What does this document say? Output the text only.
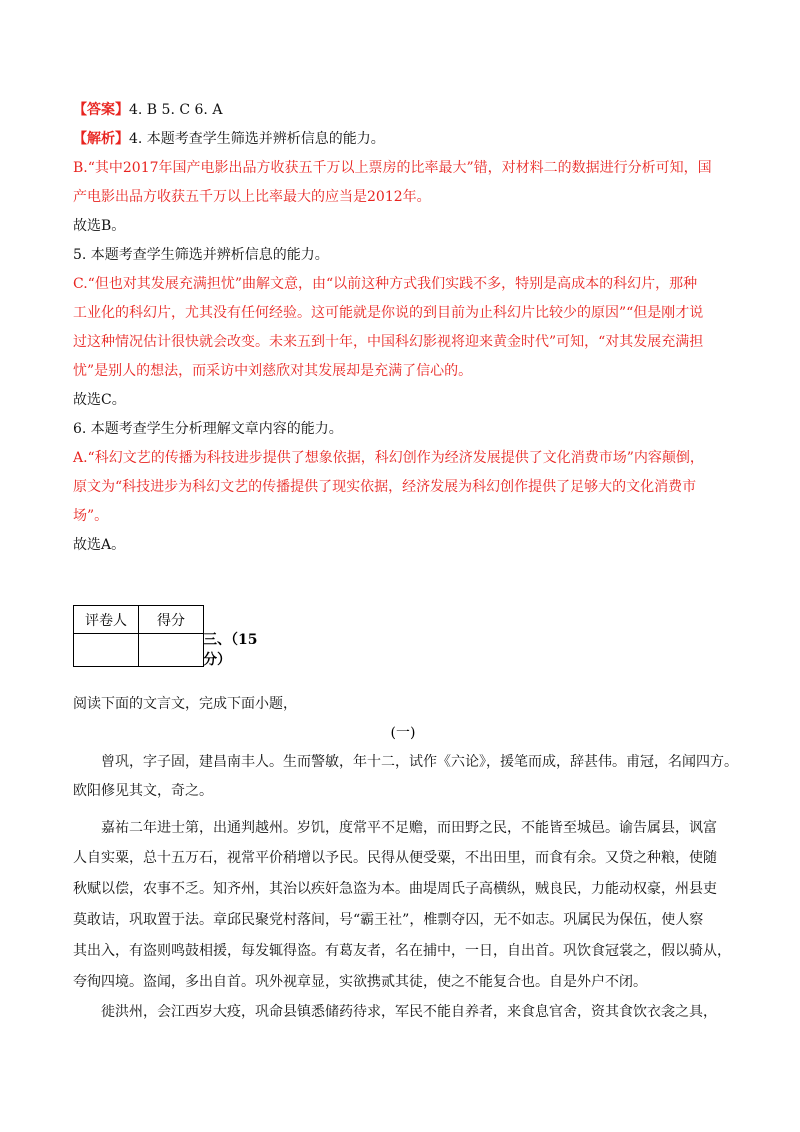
【答案】4. B 5. C 6. A
【解析】4. 本题考查学生筛选并辨析信息的能力。
B.“其中2017年国产电影出品方收获五千万以上票房的比率最大”错，对材料二的数据进行分析可知，国
产电影出品方收获五千万以上比率最大的应当是2012年。
故选B。
5. 本题考查学生筛选并辨析信息的能力。
C.“但也对其发展充满担忧”曲解文意，由“以前这种方式我们实践不多，特别是高成本的科幻片，那种
工业化的科幻片，尤其没有任何经验。这可能就是你说的到目前为止科幻片比较少的原因”“但是刚才说
过这种情况估计很快就会改变。未来五到十年，中国科幻影视将迎来黄金时代”可知，“对其发展充满担
忧”是别人的想法，而采访中刘慈欣对其发展却是充满了信心的。
故选C。
6. 本题考查学生分析理解文章内容的能力。
A.“科幻文艺的传播为科技进步提供了想象依据，科幻创作为经济发展提供了文化消费市场”内容颠倒，
原文为“科技进步为科幻文艺的传播提供了现实依据，经济发展为科幻创作提供了足够大的文化消费市
场”。
故选A。
评卷人	得分

三、（15分）
阅读下面的文言文，完成下面小题，
(一)
曾巩，字子固，建昌南丰人。生而警敏，年十二，试作《六论》，援笔而成，辞甚伟。甫冠，名闻四方。
欧阳修见其文，奇之。
嘉祐二年进士第，出通判越州。岁饥，度常平不足赡，而田野之民，不能皆至城邑。谕告属县，讽富
人自实粟，总十五万石，视常平价稍增以予民。民得从便受粟，不出田里，而食有余。又贷之种粮，使随
秋赋以偿，农事不乏。知齐州，其治以疾奸急盗为本。曲堤周氏子高横纵，贼良民，力能动权豪，州县吏
莫敢诘，巩取置于法。章邱民聚党村落间，号“霸王社”，椎剽夺囚，无不如志。巩属民为保伍，使人察
其出入，有盗则鸣鼓相援，每发辄得盗。有葛友者，名在捕中，一日，自出首。巩饮食冠裳之，假以骑从，
夸徇四境。盗闻，多出自首。巩外视章显，实欲携贰其徒，使之不能复合也。自是外户不闭。
徙洪州，会江西岁大疫，巩命县镇悉储药待求，军民不能自养者，来食息官舍，资其食饮衣衾之具，
